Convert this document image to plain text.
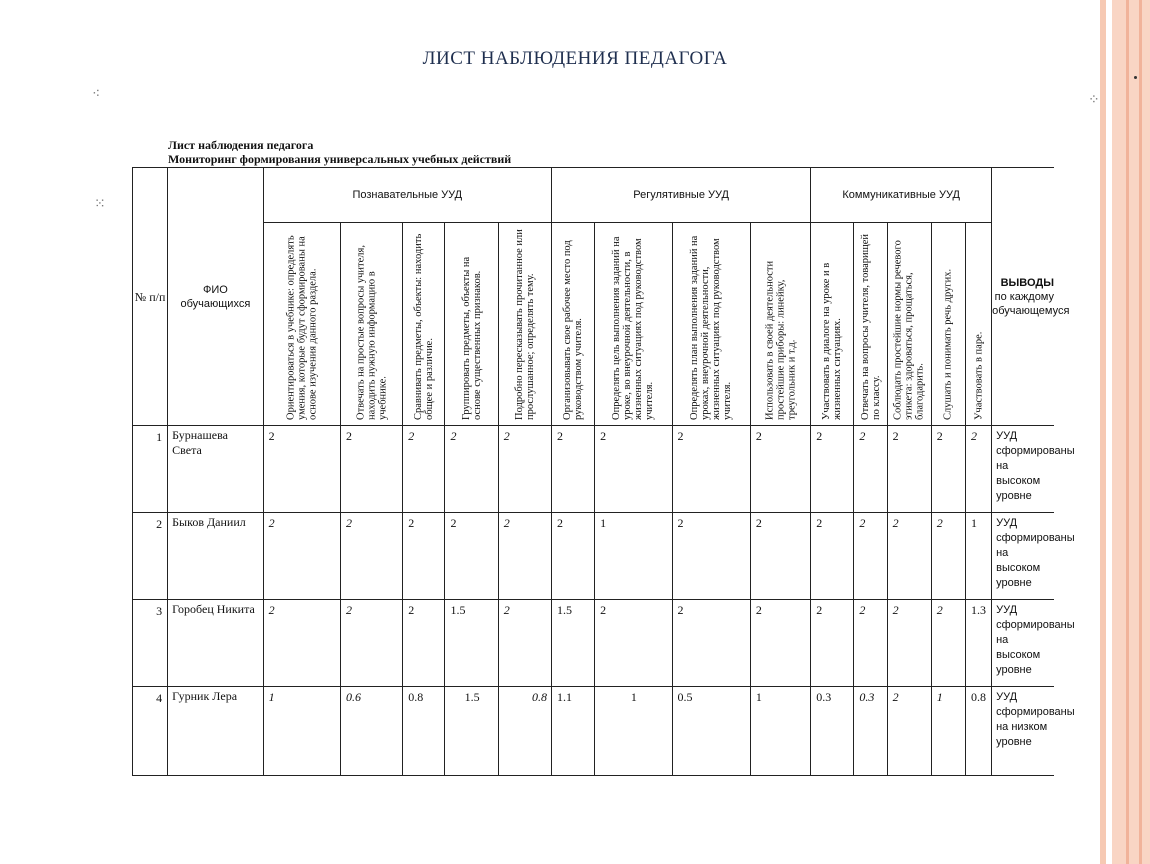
⁖
⁙
⁘
ЛИСТ НАБЛЮДЕНИЯ ПЕДАГОГА
Лист наблюдения педагога
Мониторинг формирования универсальных учебных действий
№ п/п	ФИО обучающихся	Познавательные УУД					Регулятивные УУД				Коммуникативные УУД					ВЫВОДЫ
по каждому обучающемуся

		Ориентироваться в учебнике: определять умения, которые будут сформированы на основе изучения данного раздела.	Отвечать на простые вопросы учителя, находить нужную информацию в учебнике.	Сравнивать предметы, объекты: находить общее и различие.	Группировать предметы, объекты на основе существенных признаков.	Подробно пересказывать прочитанное или прослушанное; определять тему.	Организовывать свое рабочее место под руководством учителя.	Определять цель выполнения заданий на уроке, во внеурочной деятельности, в жизненных ситуациях под руководством учителя.	Определять план выполнения заданий на уроках, внеурочной деятельности, жизненных ситуациях под руководством учителя.	Использовать в своей деятельности простейшие приборы: линейку, треугольник и т.д.	Участвовать в диалоге на уроке и в жизненных ситуациях.	Отвечать на вопросы учителя, товарищей по классу.	Соблюдать простейшие нормы речевого этикета: здороваться, прощаться, благодарить.	Слушать и понимать речь других.	Участвовать в паре.	

1	Бурнашева Света	2	2	2	2	2	2	2	2	2	2	2	2	2	2	УУД сформированы на высоком уровне
2	Быков Даниил	2	2	2	2	2	2	1	2	2	2	2	2	2	1	УУД сформированы на высоком уровне
3	Горобец Никита	2	2	2	1.5	2	1.5	2	2	2	2	2	2	2	1.3	УУД сформированы на высоком уровне
4	Гурник Лера	1	0.6	0.8	1.5	0.8	1.1	1	0.5	1	0.3	0.3	2	1	0.8	УУД сформированы на низком уровне
